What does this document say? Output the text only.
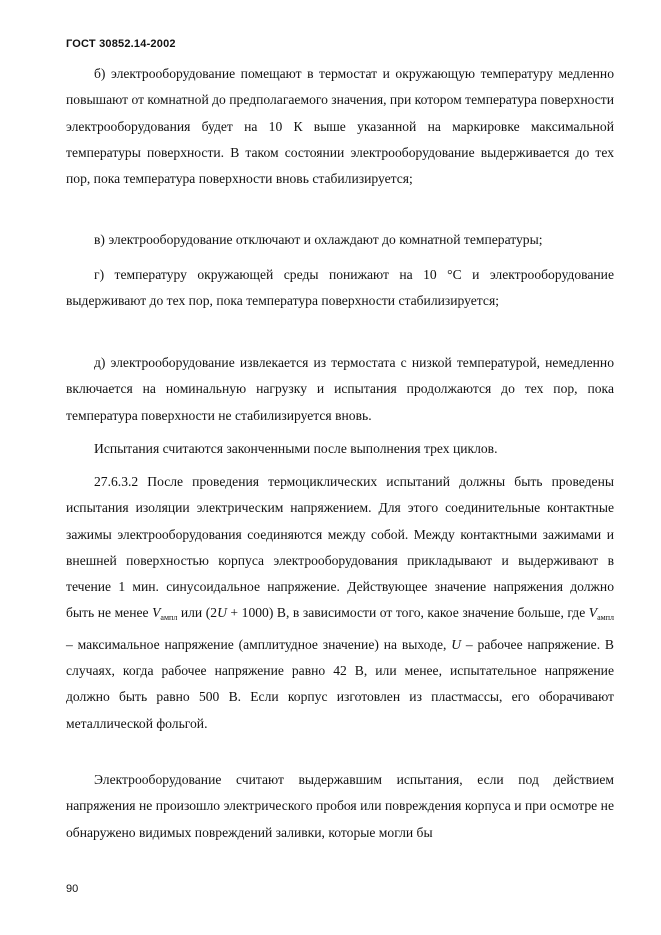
ГОСТ 30852.14-2002

б) электрооборудование помещают в термостат и окружающую температуру медленно повышают от комнатной до предполагаемого значения, при котором температура поверхности электрооборудования будет на 10 К выше указанной на маркировке максимальной температуры поверхности. В таком состоянии электрооборудование выдерживается до тех пор, пока температура поверхности вновь стабилизируется;

в) электрооборудование отключают и охлаждают до комнатной температуры;

г) температуру окружающей среды понижают на 10 °С и электрооборудование выдерживают до тех пор, пока температура поверхности стабилизируется;

д) электрооборудование извлекается из термостата с низкой температурой, немедленно включается на номинальную нагрузку и испытания продолжаются до тех пор, пока температура поверхности не стабилизируется вновь.

Испытания считаются законченными после выполнения трех циклов.

27.6.3.2 После проведения термоциклических испытаний должны быть проведены испытания изоляции электрическим напряжением. Для этого соединительные контактные зажимы электрооборудования соединяются между собой. Между контактными зажимами и внешней поверхностью корпуса электрооборудования прикладывают и выдерживают в течение 1 мин. синусоидальное напряжение. Действующее значение напряжения должно быть не менее $V_{ампл}$ или (2U + 1000) В, в зависимости от того, какое значение больше, где $V_{ампл}$ – максимальное напряжение (амплитудное значение) на выходе, U – рабочее напряжение. В случаях, когда рабочее напряжение равно 42 В, или менее, испытательное напряжение должно быть равно 500 В. Если корпус изготовлен из пластмассы, его оборачивают металлической фольгой.

Электрооборудование считают выдержавшим испытания, если под действием напряжения не произошло электрического пробоя или повреждения корпуса и при осмотре не обнаружено видимых повреждений заливки, которые могли бы

90
